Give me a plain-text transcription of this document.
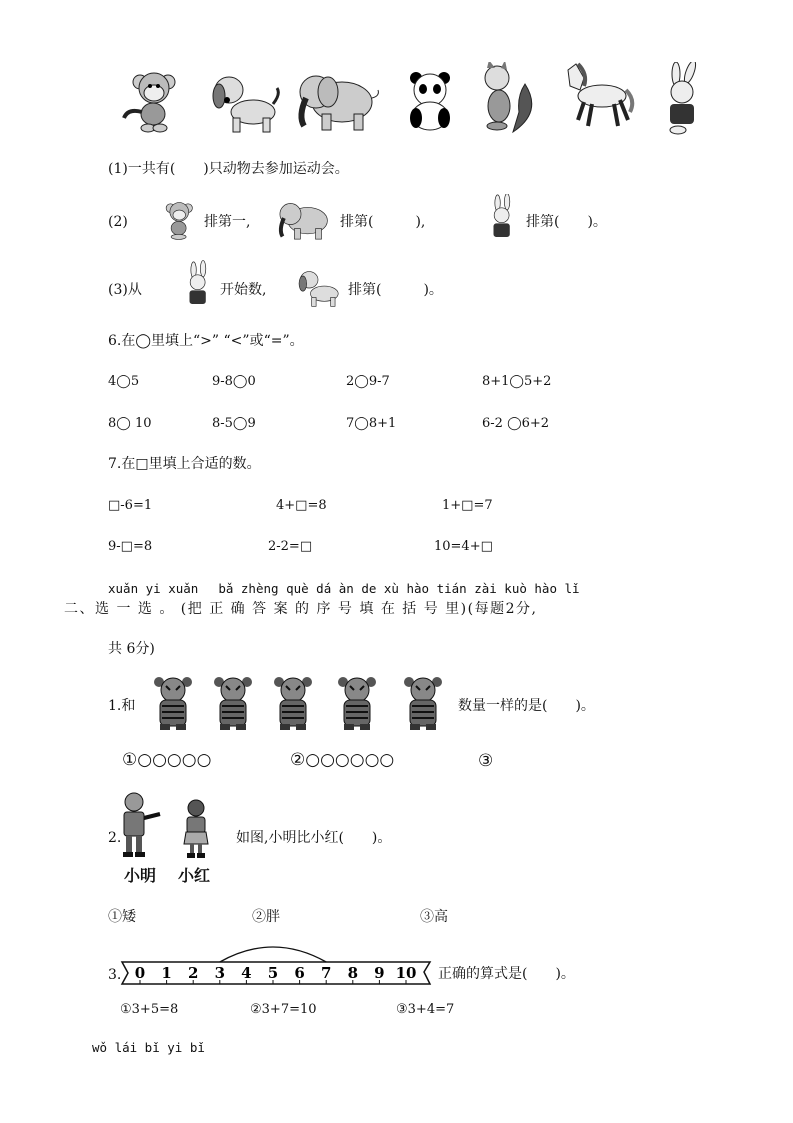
(1)一共有(　　)只动物去参加运动会。
(2)	排第一,	排第(　　　),	排第(　　)。
(3)从	开始数,	排第(　　　)。
6.在◯里填上“>” “<”或“=”。
4◯5	9-8◯0	2◯9-7	8+1◯5+2
8◯ 10	8-5◯9	7◯8+1	6-2 ◯6+2
7.在□里填上合适的数。
□-6=1	4+□=8	1+□=7
9-□=8	2-2=□	10=4+□
xuǎn yi xuǎn　 bǎ zhèng què dá àn de xù hào tián zài kuò hào lǐ
二、选 一 选 。 (把 正 确 答 案 的 序 号 填 在 括 号 里)(每题2分,
共 6分)
1.和	数量一样的是(　　)。
①○○○○○	②○○○○○○	③
2.
小明 小红
如图,小明比小红(　　)。
①矮	②胖	③高
3. 0 1 2 3 4 5 6 7 8 9 10 正确的算式是(　　)。
①3+5=8	②3+7=10	③3+4=7
wǒ lái bǐ yi bǐ
